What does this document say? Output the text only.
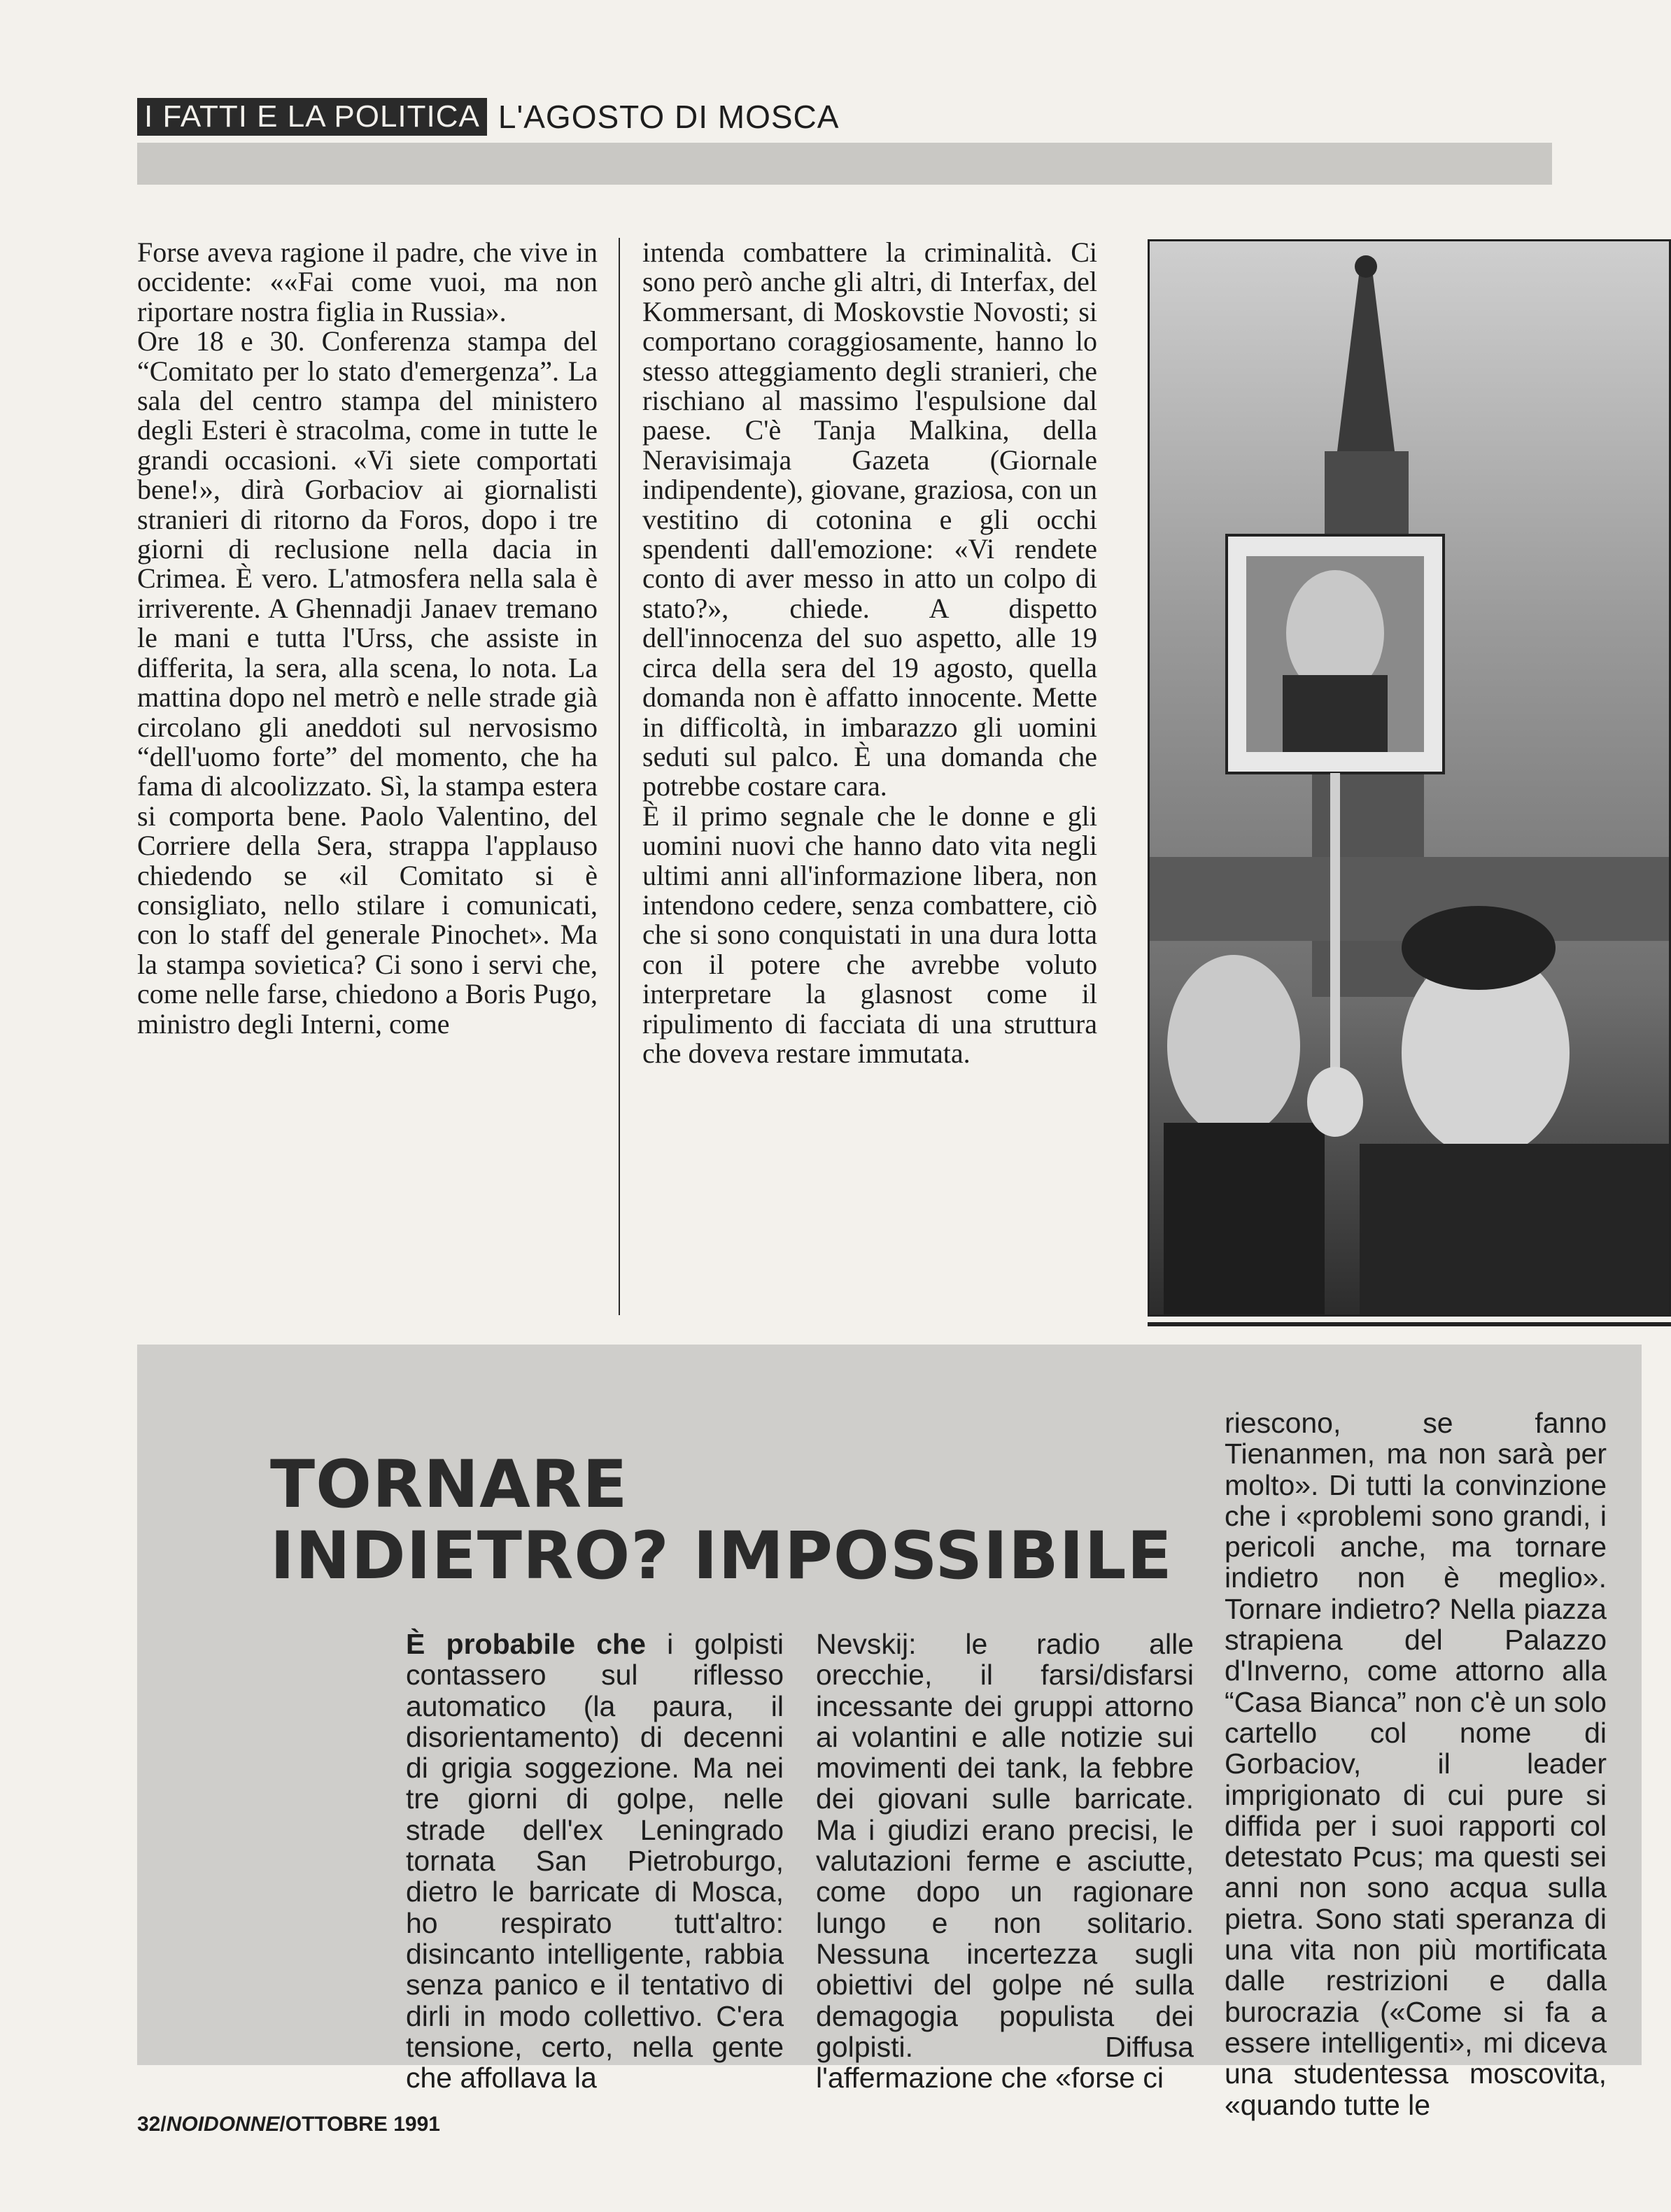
I FATTI E LA POLITICA L'AGOSTO DI MOSCA

Forse aveva ragione il padre, che vive in occidente: ««Fai come vuoi, ma non riportare nostra figlia in Russia».

Ore 18 e 30. Conferenza stampa del “Comitato per lo stato d'emergenza”. La sala del centro stampa del ministero degli Esteri è stracolma, come in tutte le grandi occasioni. «Vi siete comportati bene!», dirà Gorbaciov ai giornalisti stranieri di ritorno da Foros, dopo i tre giorni di reclusione nella dacia in Crimea. È vero. L'atmosfera nella sala è irriverente. A Ghennadji Janaev tremano le mani e tutta l'Urss, che assiste in differita, la sera, alla scena, lo nota. La mattina dopo nel metrò e nelle strade già circolano gli aneddoti sul nervosismo “dell'uomo forte” del momento, che ha fama di alcoolizzato. Sì, la stampa estera si comporta bene. Paolo Valentino, del Corriere della Sera, strappa l'applauso chiedendo se «il Comitato si è consigliato, nello stilare i comunicati, con lo staff del generale Pinochet». Ma la stampa sovietica? Ci sono i servi che, come nelle farse, chiedono a Boris Pugo, ministro degli Interni, come

intenda combattere la criminalità. Ci sono però anche gli altri, di Interfax, del Kommersant, di Moskovstie Novosti; si comportano coraggiosamente, hanno lo stesso atteggiamento degli stranieri, che rischiano al massimo l'espulsione dal paese. C'è Tanja Malkina, della Neravisimaja Gazeta (Giornale indipendente), giovane, graziosa, con un vestitino di cotonina e gli occhi spendenti dall'emozione: «Vi rendete conto di aver messo in atto un colpo di stato?», chiede. A dispetto dell'innocenza del suo aspetto, alle 19 circa della sera del 19 agosto, quella domanda non è affatto innocente. Mette in difficoltà, in imbarazzo gli uomini seduti sul palco. È una domanda che potrebbe costare cara.

È il primo segnale che le donne e gli uomini nuovi che hanno dato vita negli ultimi anni all'informazione libera, non intendono cedere, senza combattere, ciò che si sono conquistati in una dura lotta con il potere che avrebbe voluto interpretare la glasnost come il ripulimento di facciata di una struttura che doveva restare immutata.

TORNARE
INDIETRO? IMPOSSIBILE
È probabile che i golpisti contassero sul riflesso automatico (la paura, il disorientamento) di decenni di grigia soggezione. Ma nei tre giorni di golpe, nelle strade dell'ex Leningrado tornata San Pietroburgo, dietro le barricate di Mosca, ho respirato tutt'altro: disincanto intelligente, rabbia senza panico e il tentativo di dirli in modo collettivo. C'era tensione, certo, nella gente che affollava la
Nevskij: le radio alle orecchie, il farsi/disfarsi incessante dei gruppi attorno ai volantini e alle notizie sui movimenti dei tank, la febbre dei giovani sulle barricate. Ma i giudizi erano precisi, le valutazioni ferme e asciutte, come dopo un ragionare lungo e non solitario. Nessuna incertezza sugli obiettivi del golpe né sulla demagogia populista dei golpisti. Diffusa l'affermazione che «forse ci
riescono, se fanno Tienanmen, ma non sarà per molto». Di tutti la convinzione che i «problemi sono grandi, i pericoli anche, ma tornare indietro non è meglio». Tornare indietro? Nella piazza strapiena del Palazzo d'Inverno, come attorno alla “Casa Bianca” non c'è un solo cartello col nome di Gorbaciov, il leader imprigionato di cui pure si diffida per i suoi rapporti col detestato Pcus; ma questi sei anni non sono acqua sulla pietra. Sono stati speranza di una vita non più mortificata dalle restrizioni e dalla burocrazia («Come si fa a essere intelligenti», mi diceva una studentessa moscovita, «quando tutte le
32/NOIDONNE/OTTOBRE 1991
